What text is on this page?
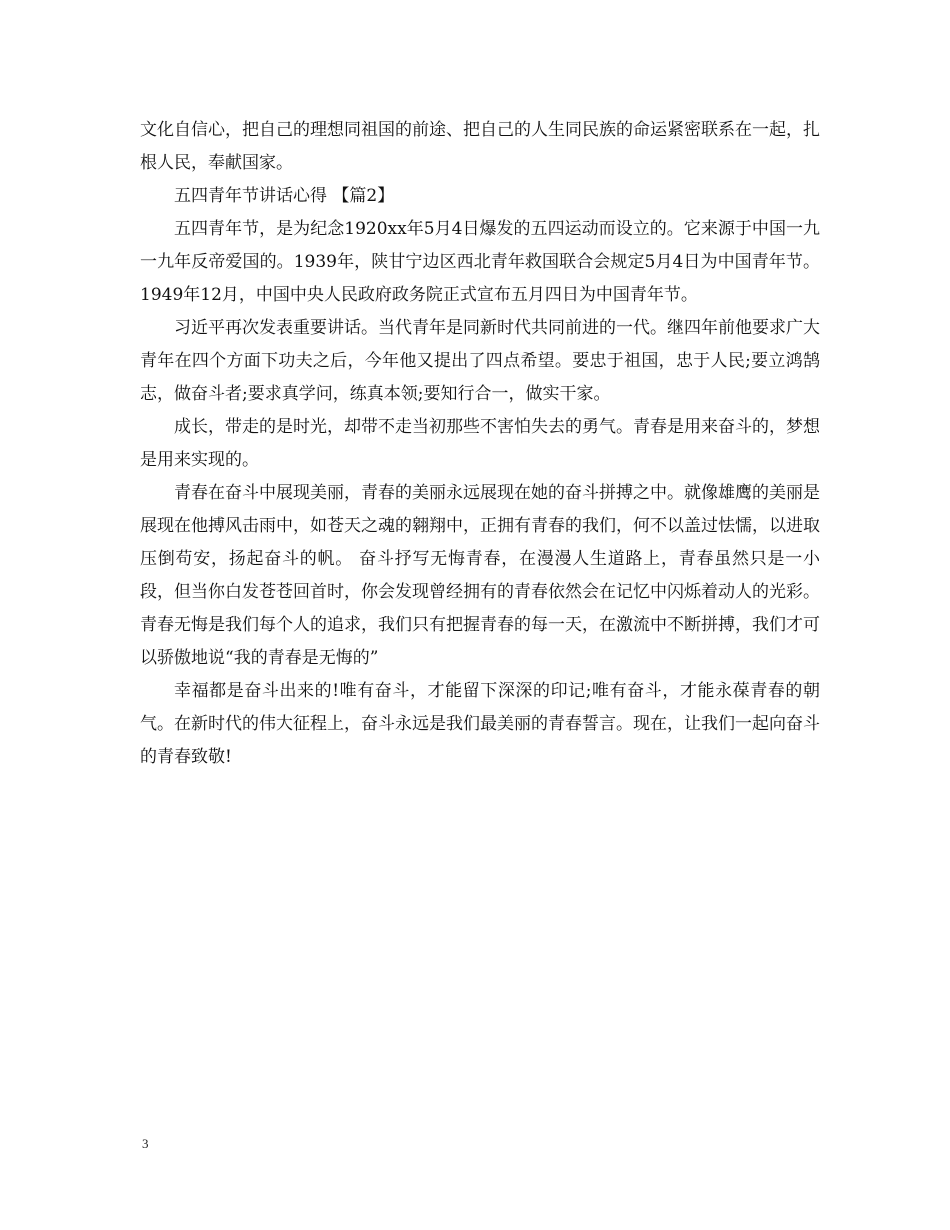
文化自信心，把自己的理想同祖国的前途、把自己的人生同民族的命运紧密联系在一起，扎根人民，奉献国家。

五四青年节讲话心得 【篇2】

五四青年节，是为纪念1920xx年5月4日爆发的五四运动而设立的。它来源于中国一九一九年反帝爱国的。1939年，陕甘宁边区西北青年救国联合会规定5月4日为中国青年节。1949年12月，中国中央人民政府政务院正式宣布五月四日为中国青年节。

习近平再次发表重要讲话。当代青年是同新时代共同前进的一代。继四年前他要求广大青年在四个方面下功夫之后，今年他又提出了四点希望。要忠于祖国，忠于人民;要立鸿鹄志，做奋斗者;要求真学问，练真本领;要知行合一，做实干家。

成长，带走的是时光，却带不走当初那些不害怕失去的勇气。青春是用来奋斗的，梦想是用来实现的。

青春在奋斗中展现美丽，青春的美丽永远展现在她的奋斗拼搏之中。就像雄鹰的美丽是展现在他搏风击雨中，如苍天之魂的翱翔中，正拥有青春的我们，何不以盖过怯懦，以进取压倒苟安，扬起奋斗的帆。 奋斗抒写无悔青春，在漫漫人生道路上，青春虽然只是一小段，但当你白发苍苍回首时，你会发现曾经拥有的青春依然会在记忆中闪烁着动人的光彩。青春无悔是我们每个人的追求，我们只有把握青春的每一天，在激流中不断拼搏，我们才可以骄傲地说“我的青春是无悔的”

幸福都是奋斗出来的!唯有奋斗，才能留下深深的印记;唯有奋斗，才能永葆青春的朝气。在新时代的伟大征程上，奋斗永远是我们最美丽的青春誓言。现在，让我们一起向奋斗的青春致敬!

3
